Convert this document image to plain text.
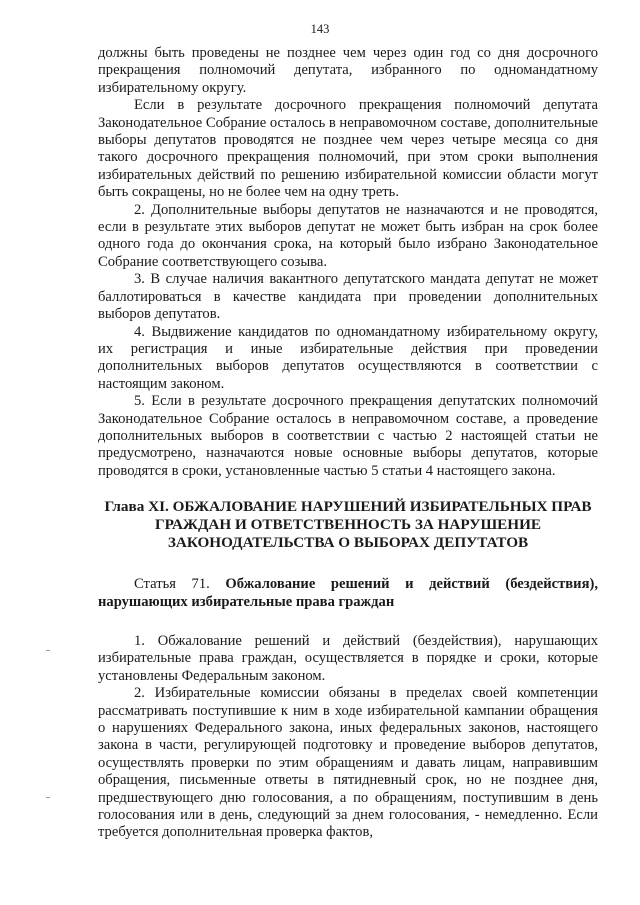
143

должны быть проведены не позднее чем через один год со дня досрочного прекращения полномочий депутата, избранного по одномандатному избирательному округу.

Если в результате досрочного прекращения полномочий депутата Законодательное Собрание осталось в неправомочном составе, дополнительные выборы депутатов проводятся не позднее чем через четыре месяца со дня такого досрочного прекращения полномочий, при этом сроки выполнения избирательных действий по решению избирательной комиссии области могут быть сокращены, но не более чем на одну треть.

2. Дополнительные выборы депутатов не назначаются и не проводятся, если в результате этих выборов депутат не может быть избран на срок более одного года до окончания срока, на который было избрано Законодательное Собрание соответствующего созыва.

3. В случае наличия вакантного депутатского мандата депутат не может баллотироваться в качестве кандидата при проведении дополнительных выборов депутатов.

4. Выдвижение кандидатов по одномандатному избирательному округу, их регистрация и иные избирательные действия при проведении дополнительных выборов депутатов осуществляются в соответствии с настоящим законом.

5. Если в результате досрочного прекращения депутатских полномочий Законодательное Собрание осталось в неправомочном составе, а проведение дополнительных выборов в соответствии с частью 2 настоящей статьи не предусмотрено, назначаются новые основные выборы депутатов, которые проводятся в сроки, установленные частью 5 статьи 4 настоящего закона.

Глава XI. ОБЖАЛОВАНИЕ НАРУШЕНИЙ ИЗБИРАТЕЛЬНЫХ ПРАВ
ГРАЖДАН И ОТВЕТСТВЕННОСТЬ ЗА НАРУШЕНИЕ
ЗАКОНОДАТЕЛЬСТВА О ВЫБОРАХ ДЕПУТАТОВ

Статья 71. Обжалование решений и действий (бездействия), нарушающих избирательные права граждан

1. Обжалование решений и действий (бездействия), нарушающих избирательные права граждан, осуществляется в порядке и сроки, которые установлены Федеральным законом.

2. Избирательные комиссии обязаны в пределах своей компетенции рассматривать поступившие к ним в ходе избирательной кампании обращения о нарушениях Федерального закона, иных федеральных законов, настоящего закона в части, регулирующей подготовку и проведение выборов депутатов, осуществлять проверки по этим обращениям и давать лицам, направившим обращения, письменные ответы в пятидневный срок, но не позднее дня, предшествующего дню голосования, а по обращениям, поступившим в день голосования или в день, следующий за днем голосования, - немедленно. Если требуется дополнительная проверка фактов,
